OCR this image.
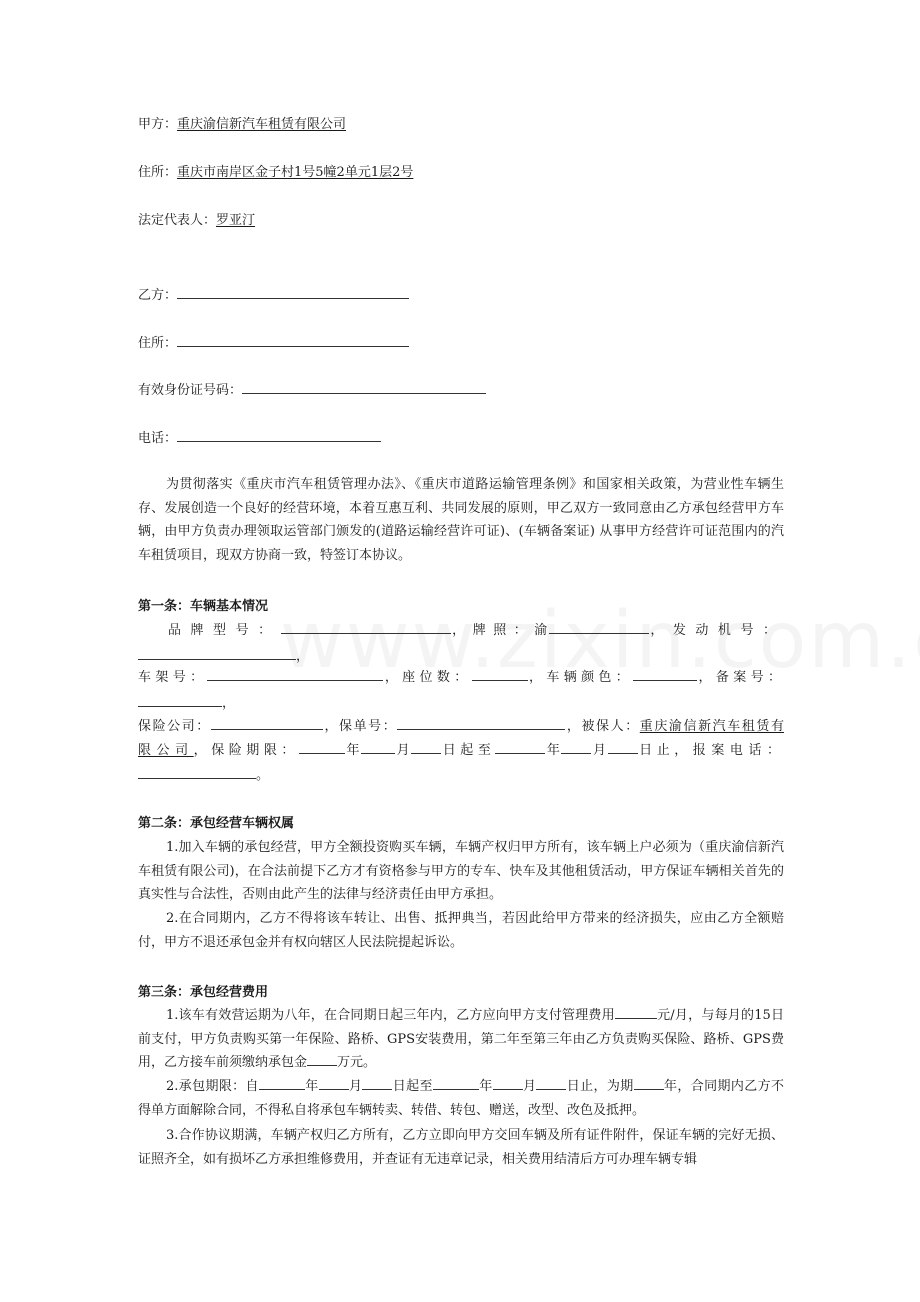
甲方：重庆渝信新汽车租赁有限公司
住所：重庆市南岸区金子村1号5幢2单元1层2号
法定代表人：罗亚汀
乙方：
住所：
有效身份证号码：
电话：
为贯彻落实《重庆市汽车租赁管理办法》、《重庆市道路运输管理条例》和国家相关政策，为营业性车辆生存、发展创造一个良好的经营环境，本着互惠互利、共同发展的原则，甲乙双方一致同意由乙方承包经营甲方车辆，由甲方负责办理领取运管部门颁发的(道路运输经营许可证)、(车辆备案证) 从事甲方经营许可证范围内的汽车租赁项目，现双方协商一致，特签订本协议。
第一条：车辆基本情况
品牌型号：	，牌照：渝	，发动机号：
，
车架号：	，座位数：	，车辆颜色：	，备案号：
，
保险公司：	，保单号：	，被保人：重庆渝信新汽车租赁有
限公司，保险期限：	年	月 日起至	年 月 日止，报案电话：
。
第二条：承包经营车辆权属
1.加入车辆的承包经营，甲方全额投资购买车辆，车辆产权归甲方所有，该车辆上户必须为（重庆渝信新汽车租赁有限公司)，在合法前提下乙方才有资格参与甲方的专车、快车及其他租赁活动，甲方保证车辆相关首先的真实性与合法性，否则由此产生的法律与经济责任由甲方承担。
2.在合同期内，乙方不得将该车转让、出售、抵押典当，若因此给甲方带来的经济损失，应由乙方全额赔付，甲方不退还承包金并有权向辖区人民法院提起诉讼。
第三条：承包经营费用
1.该车有效营运期为八年，在合同期日起三年内，乙方应向甲方支付管理费用	元/月，与每月的15日前支付，甲方负责购买第一年保险、路桥、GPS安装费用，第二年至第三年由乙方负责购买保险、路桥、GPS费用，乙方接车前须缴纳承包金 万元。
2.承包期限：自	年 月 日起至	年 月 日止，为期 年，合同期内乙方不得单方面解除合同，不得私自将承包车辆转卖、转借、转包、赠送，改型、改色及抵押。
3.合作协议期满，车辆产权归乙方所有，乙方立即向甲方交回车辆及所有证件附件，保证车辆的完好无损、证照齐全，如有损坏乙方承担维修费用，并查证有无违章记录，相关费用结清后方可办理车辆专辑
